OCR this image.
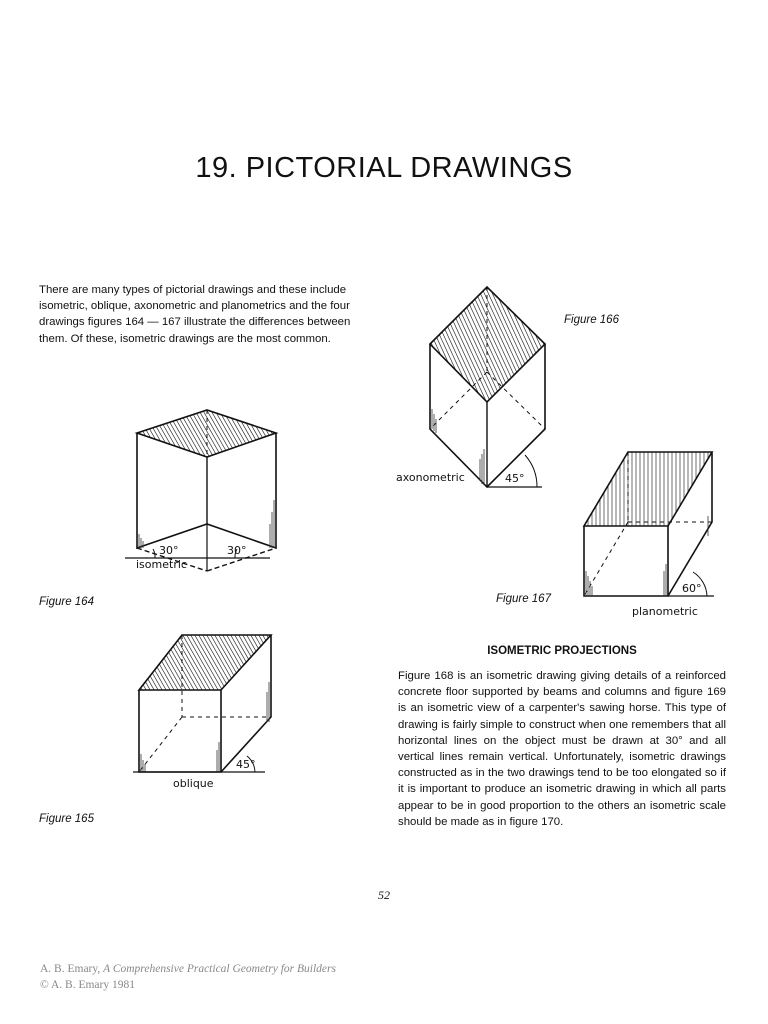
19. PICTORIAL DRAWINGS
There are many types of pictorial drawings and these include isometric, oblique, axonometric and planometrics and the four drawings figures 164 — 167 illustrate the differences between them. Of these, isometric drawings are the most common.
30°	30°
isometric
Figure 164
45°
oblique
Figure 165
45°
axonometric
Figure 166
60°
planometric
Figure 167
ISOMETRIC PROJECTIONS
Figure 168 is an isometric drawing giving details of a reinforced concrete floor supported by beams and columns and figure 169 is an isometric view of a carpenter's sawing horse. This type of drawing is fairly simple to construct when one remembers that all horizontal lines on the object must be drawn at 30° and all vertical lines remain vertical. Unfortunately, isometric drawings constructed as in the two drawings tend to be too elongated so if it is important to produce an isometric drawing in which all parts appear to be in good proportion to the others an isometric scale should be made as in figure 170.
52
A. B. Emary, A Comprehensive Practical Geometry for Builders
© A. B. Emary 1981
